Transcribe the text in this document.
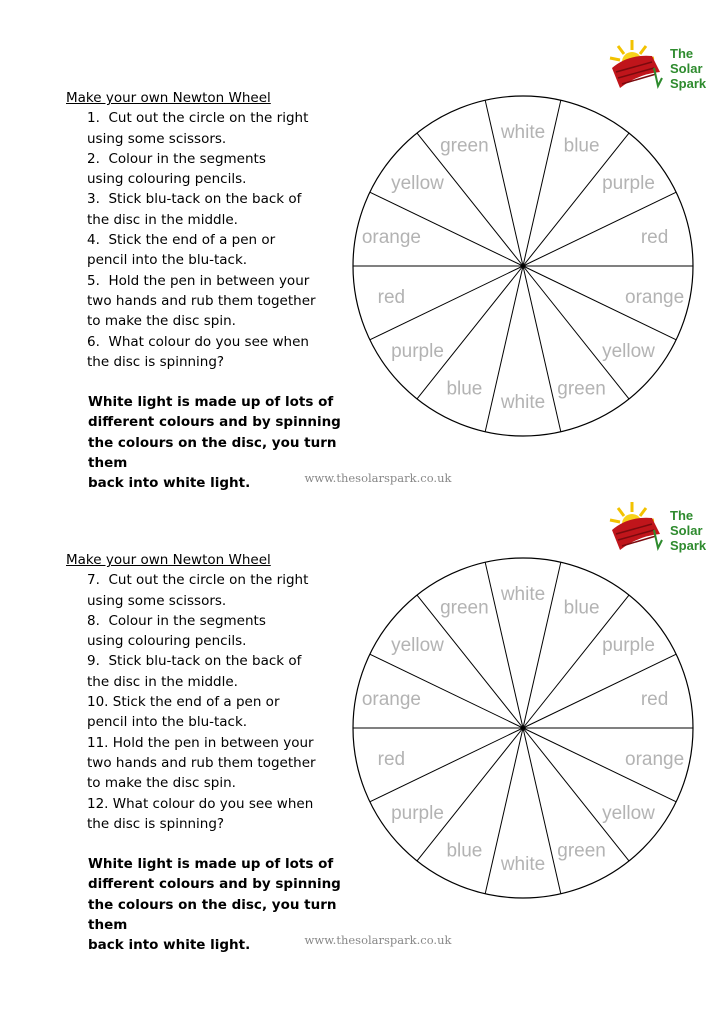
The
Solar
Spark
Make your own Newton Wheel
1. Cut out the circle on the right
using some scissors.
2. Colour in the segments
using colouring pencils.
3. Stick blu-tack on the back of
the disc in the middle.
4. Stick the end of a pen or
pencil into the blu-tack.
5. Hold the pen in between your
two hands and rub them together
to make the disc spin.
6. What colour do you see when
the disc is spinning?
White light is made up of lots of
different colours and by spinning
the colours on the disc, you turn them
back into white light.
white
blue
purple
red
orange
yellow
green
white
blue
purple
red
orange
yellow
green
www.thesolarspark.co.uk
The
Solar
Spark
Make your own Newton Wheel
7. Cut out the circle on the right
using some scissors.
8. Colour in the segments
using colouring pencils.
9. Stick blu-tack on the back of
the disc in the middle.
10. Stick the end of a pen or
pencil into the blu-tack.
11. Hold the pen in between your
two hands and rub them together
to make the disc spin.
12. What colour do you see when
the disc is spinning?
White light is made up of lots of
different colours and by spinning
the colours on the disc, you turn them
back into white light.
white
blue
purple
red
orange
yellow
green
white
blue
purple
red
orange
yellow
green
www.thesolarspark.co.uk
